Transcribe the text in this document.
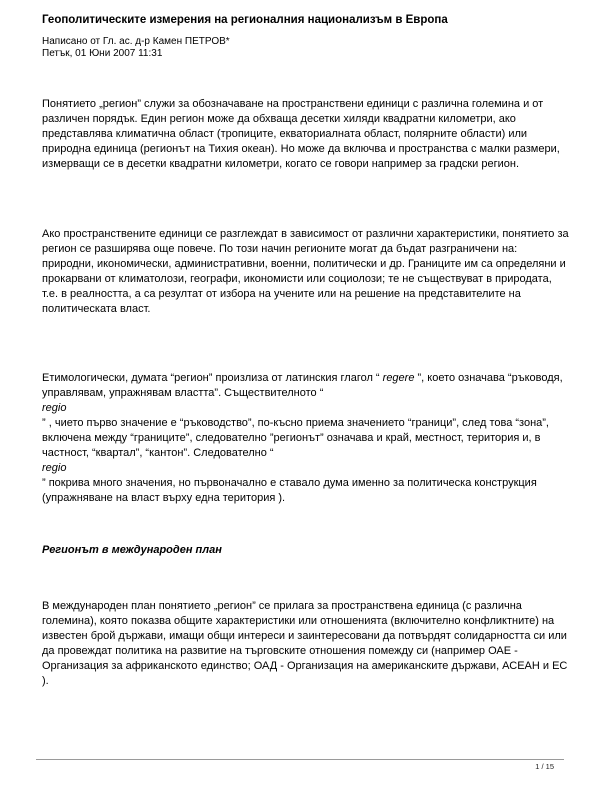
Геополитическите измерения на регионалния национализъм в Европа
Написано от Гл. ас. д-р Камен ПЕТРОВ*
Петък, 01 Юни 2007 11:31

Понятието „регион” служи за обозначаване на пространствени единици с различна големина и от различен порядък. Един регион може да обхваща десетки хиляди квадратни километри, ако представлява климатична област (тропиците, екваториалната област, полярните области) или природна единица (регионът на Тихия океан). Но може да включва и пространства с малки размери, измерващи се в десетки квадратни километри, когато се говори например за градски регион.

Ако пространствените единици се разглеждат в зависимост от различни характеристики, понятието за регион се разширява още повече. По този начин регионите могат да бъдат разграничени на: природни, икономически, административни, военни, политически и др. Границите им са определяни и прокарвани от климатолози, географи, икономисти или социолози; те не съществуват в природата, т.е. в реалността, а са резултат от избора на учените или на решение на представителите на политическата власт.

Етимологически, думата “регион” произлиза от латинския глагол “ regere ”, което означава “ръководя, управлявам, упражнявам властта”. Съществителното “
regio
” , чието първо значение е “ръководство”, по-късно приема значението “граници”, след това “зона”, включена между “границите”, следователно ”регионът” означава и край, местност, територия и, в частност, “квартал”, “кантон”. Следователно “
regio
” покрива много значения, но първоначално е ставало дума именно за политическа конструкция (упражняване на власт върху една територия ).

Регионът в международен план

В международен план понятието „регион” се прилага за пространствена единица (с различна големина), която показва общите характеристики или отношенията (включително конфликтните) на известен брой държави, имащи общи интереси и заинтересовани да потвърдят солидарността си или да провеждат политика на развитие на търговските отношения помежду си (например ОАЕ - Организация за африканското единство; ОАД - Организация на американските държави, АСЕАН и ЕС ).

1 / 15
